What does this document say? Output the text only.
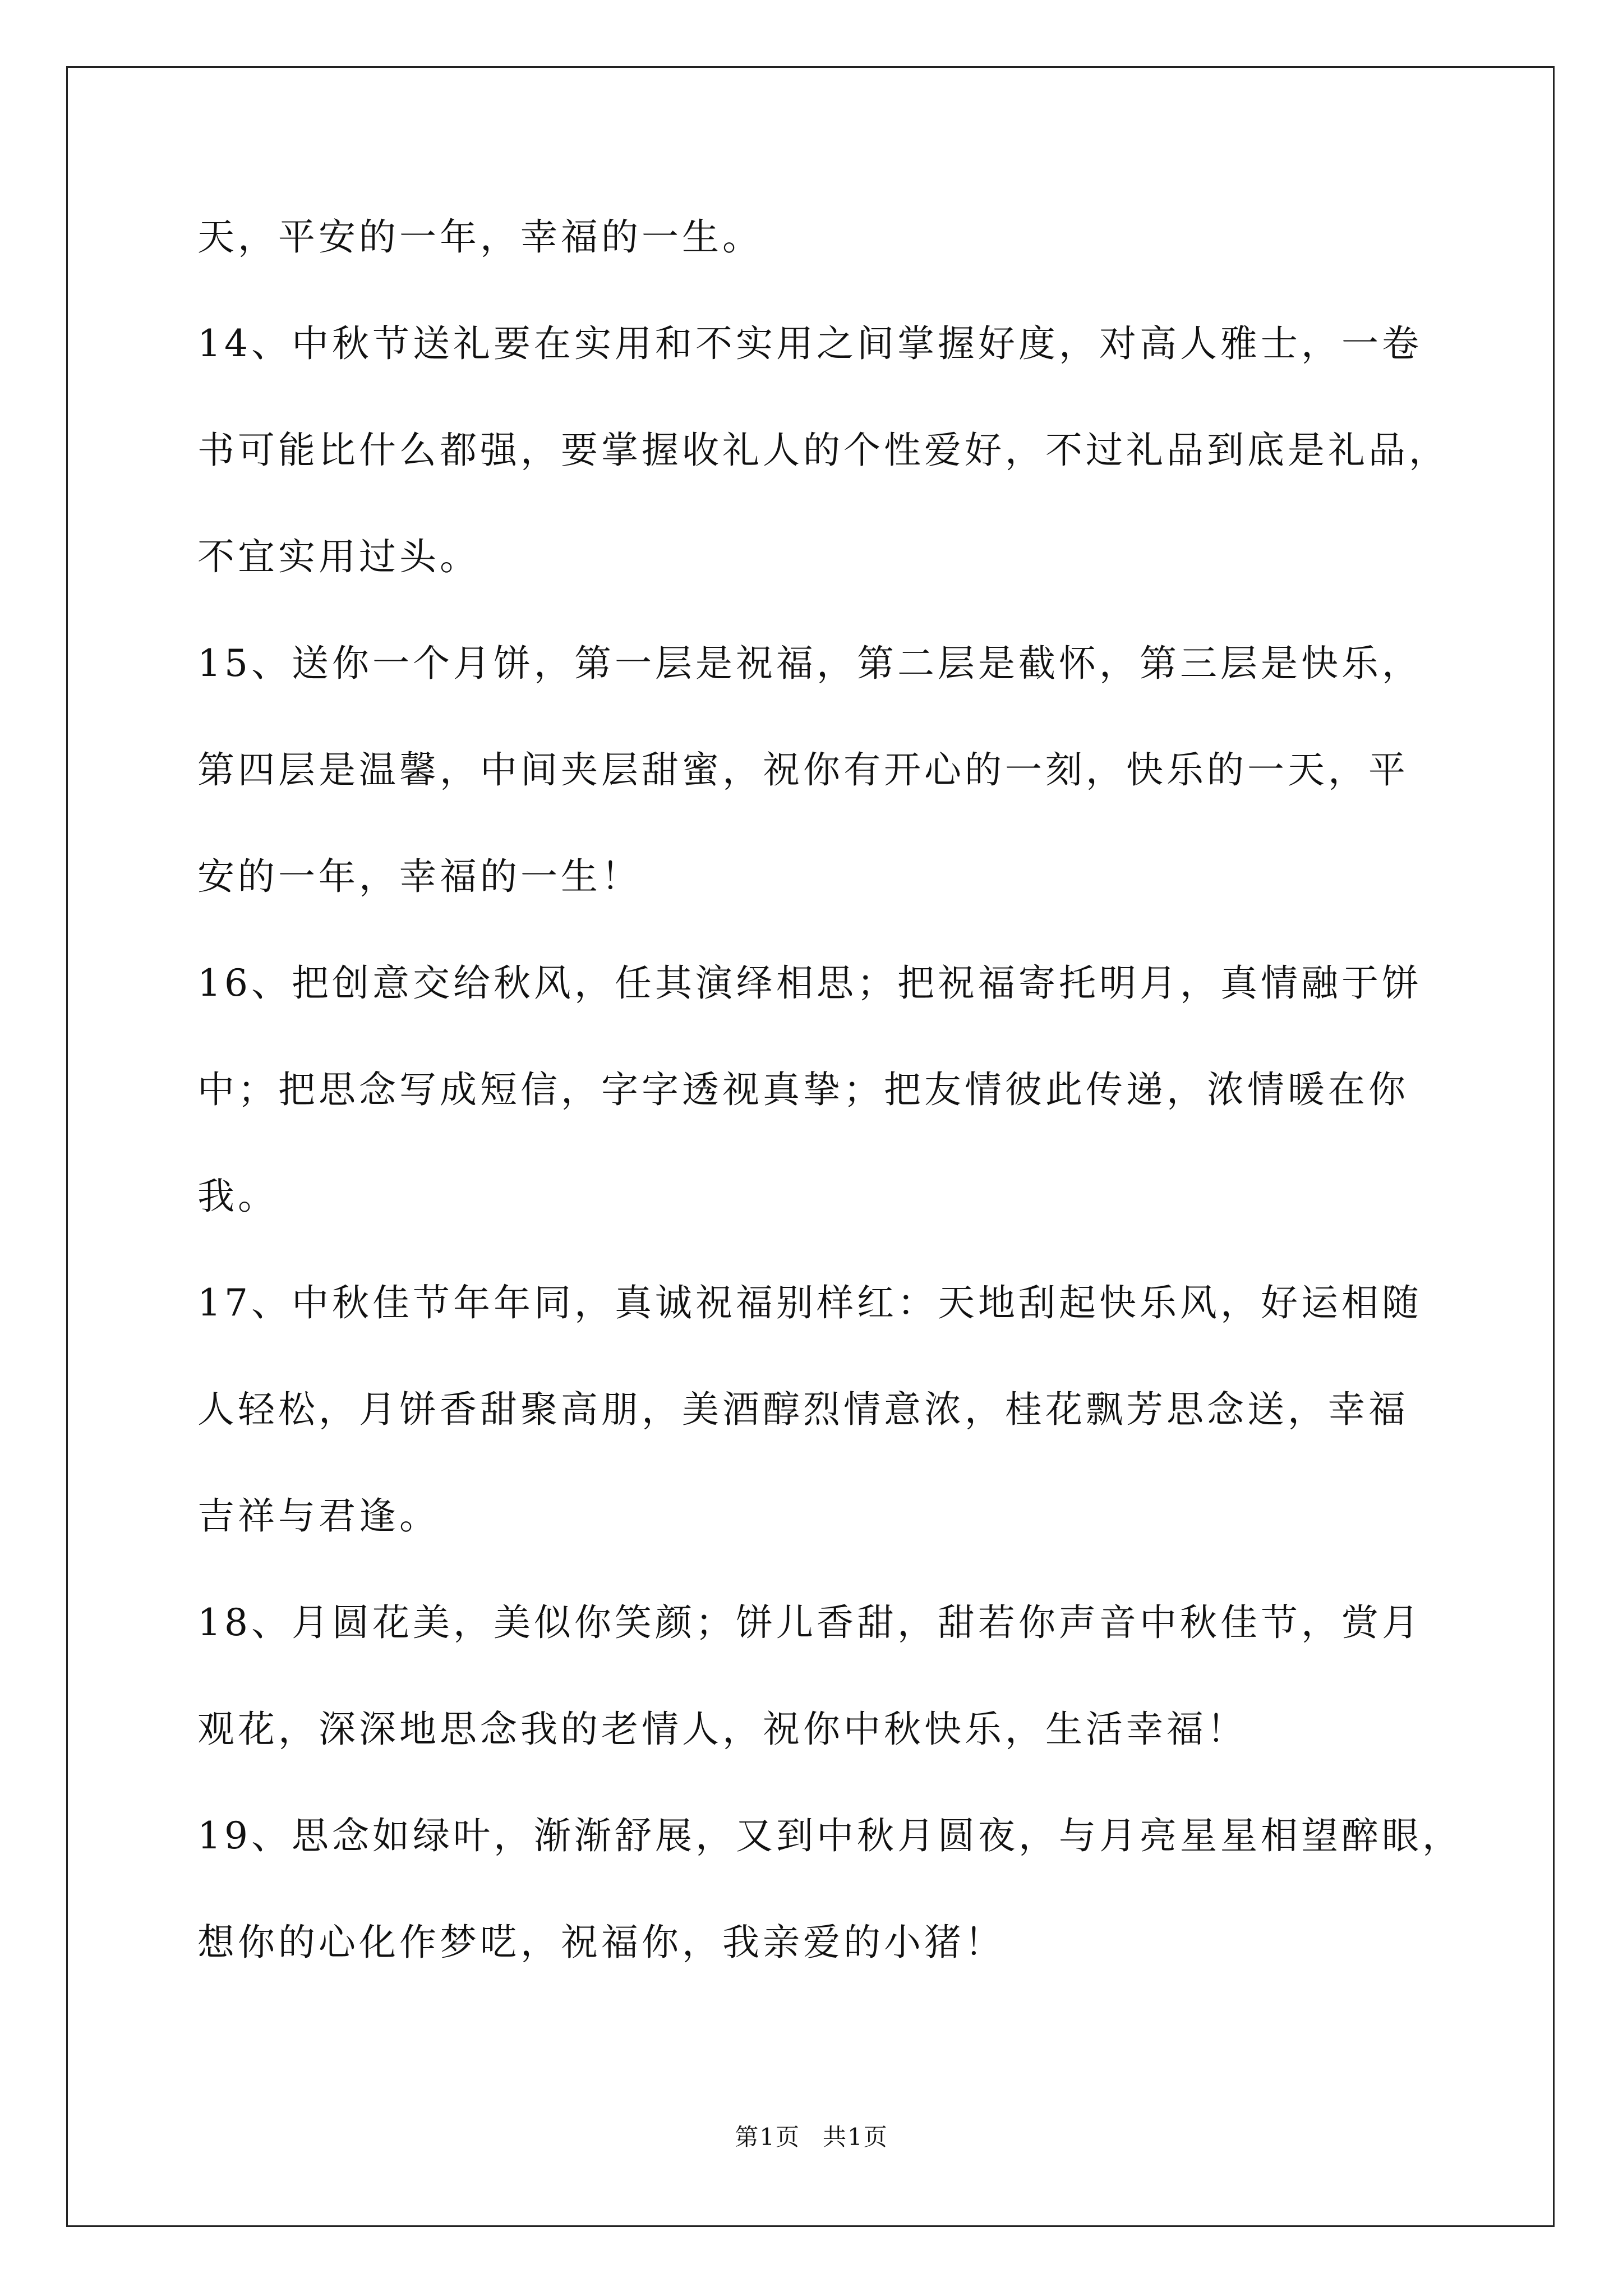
天，平安的一年，幸福的一生。
14、中秋节送礼要在实用和不实用之间掌握好度，对高人雅士，一卷
书可能比什么都强，要掌握收礼人的个性爱好，不过礼品到底是礼品，
不宜实用过头。
15、送你一个月饼，第一层是祝福，第二层是截怀，第三层是快乐，
第四层是温馨，中间夹层甜蜜，祝你有开心的一刻，快乐的一天，平
安的一年，幸福的一生！
16、把创意交给秋风，任其演绎相思；把祝福寄托明月，真情融于饼
中；把思念写成短信，字字透视真挚；把友情彼此传递，浓情暖在你
我。
17、中秋佳节年年同，真诚祝福别样红：天地刮起快乐风，好运相随
人轻松，月饼香甜聚高朋，美酒醇烈情意浓，桂花飘芳思念送，幸福
吉祥与君逢。
18、月圆花美，美似你笑颜；饼儿香甜，甜若你声音中秋佳节，赏月
观花，深深地思念我的老情人，祝你中秋快乐，生活幸福！
19、思念如绿叶，渐渐舒展，又到中秋月圆夜，与月亮星星相望醉眼，
想你的心化作梦呓，祝福你，我亲爱的小猪！
第1页 共1页
